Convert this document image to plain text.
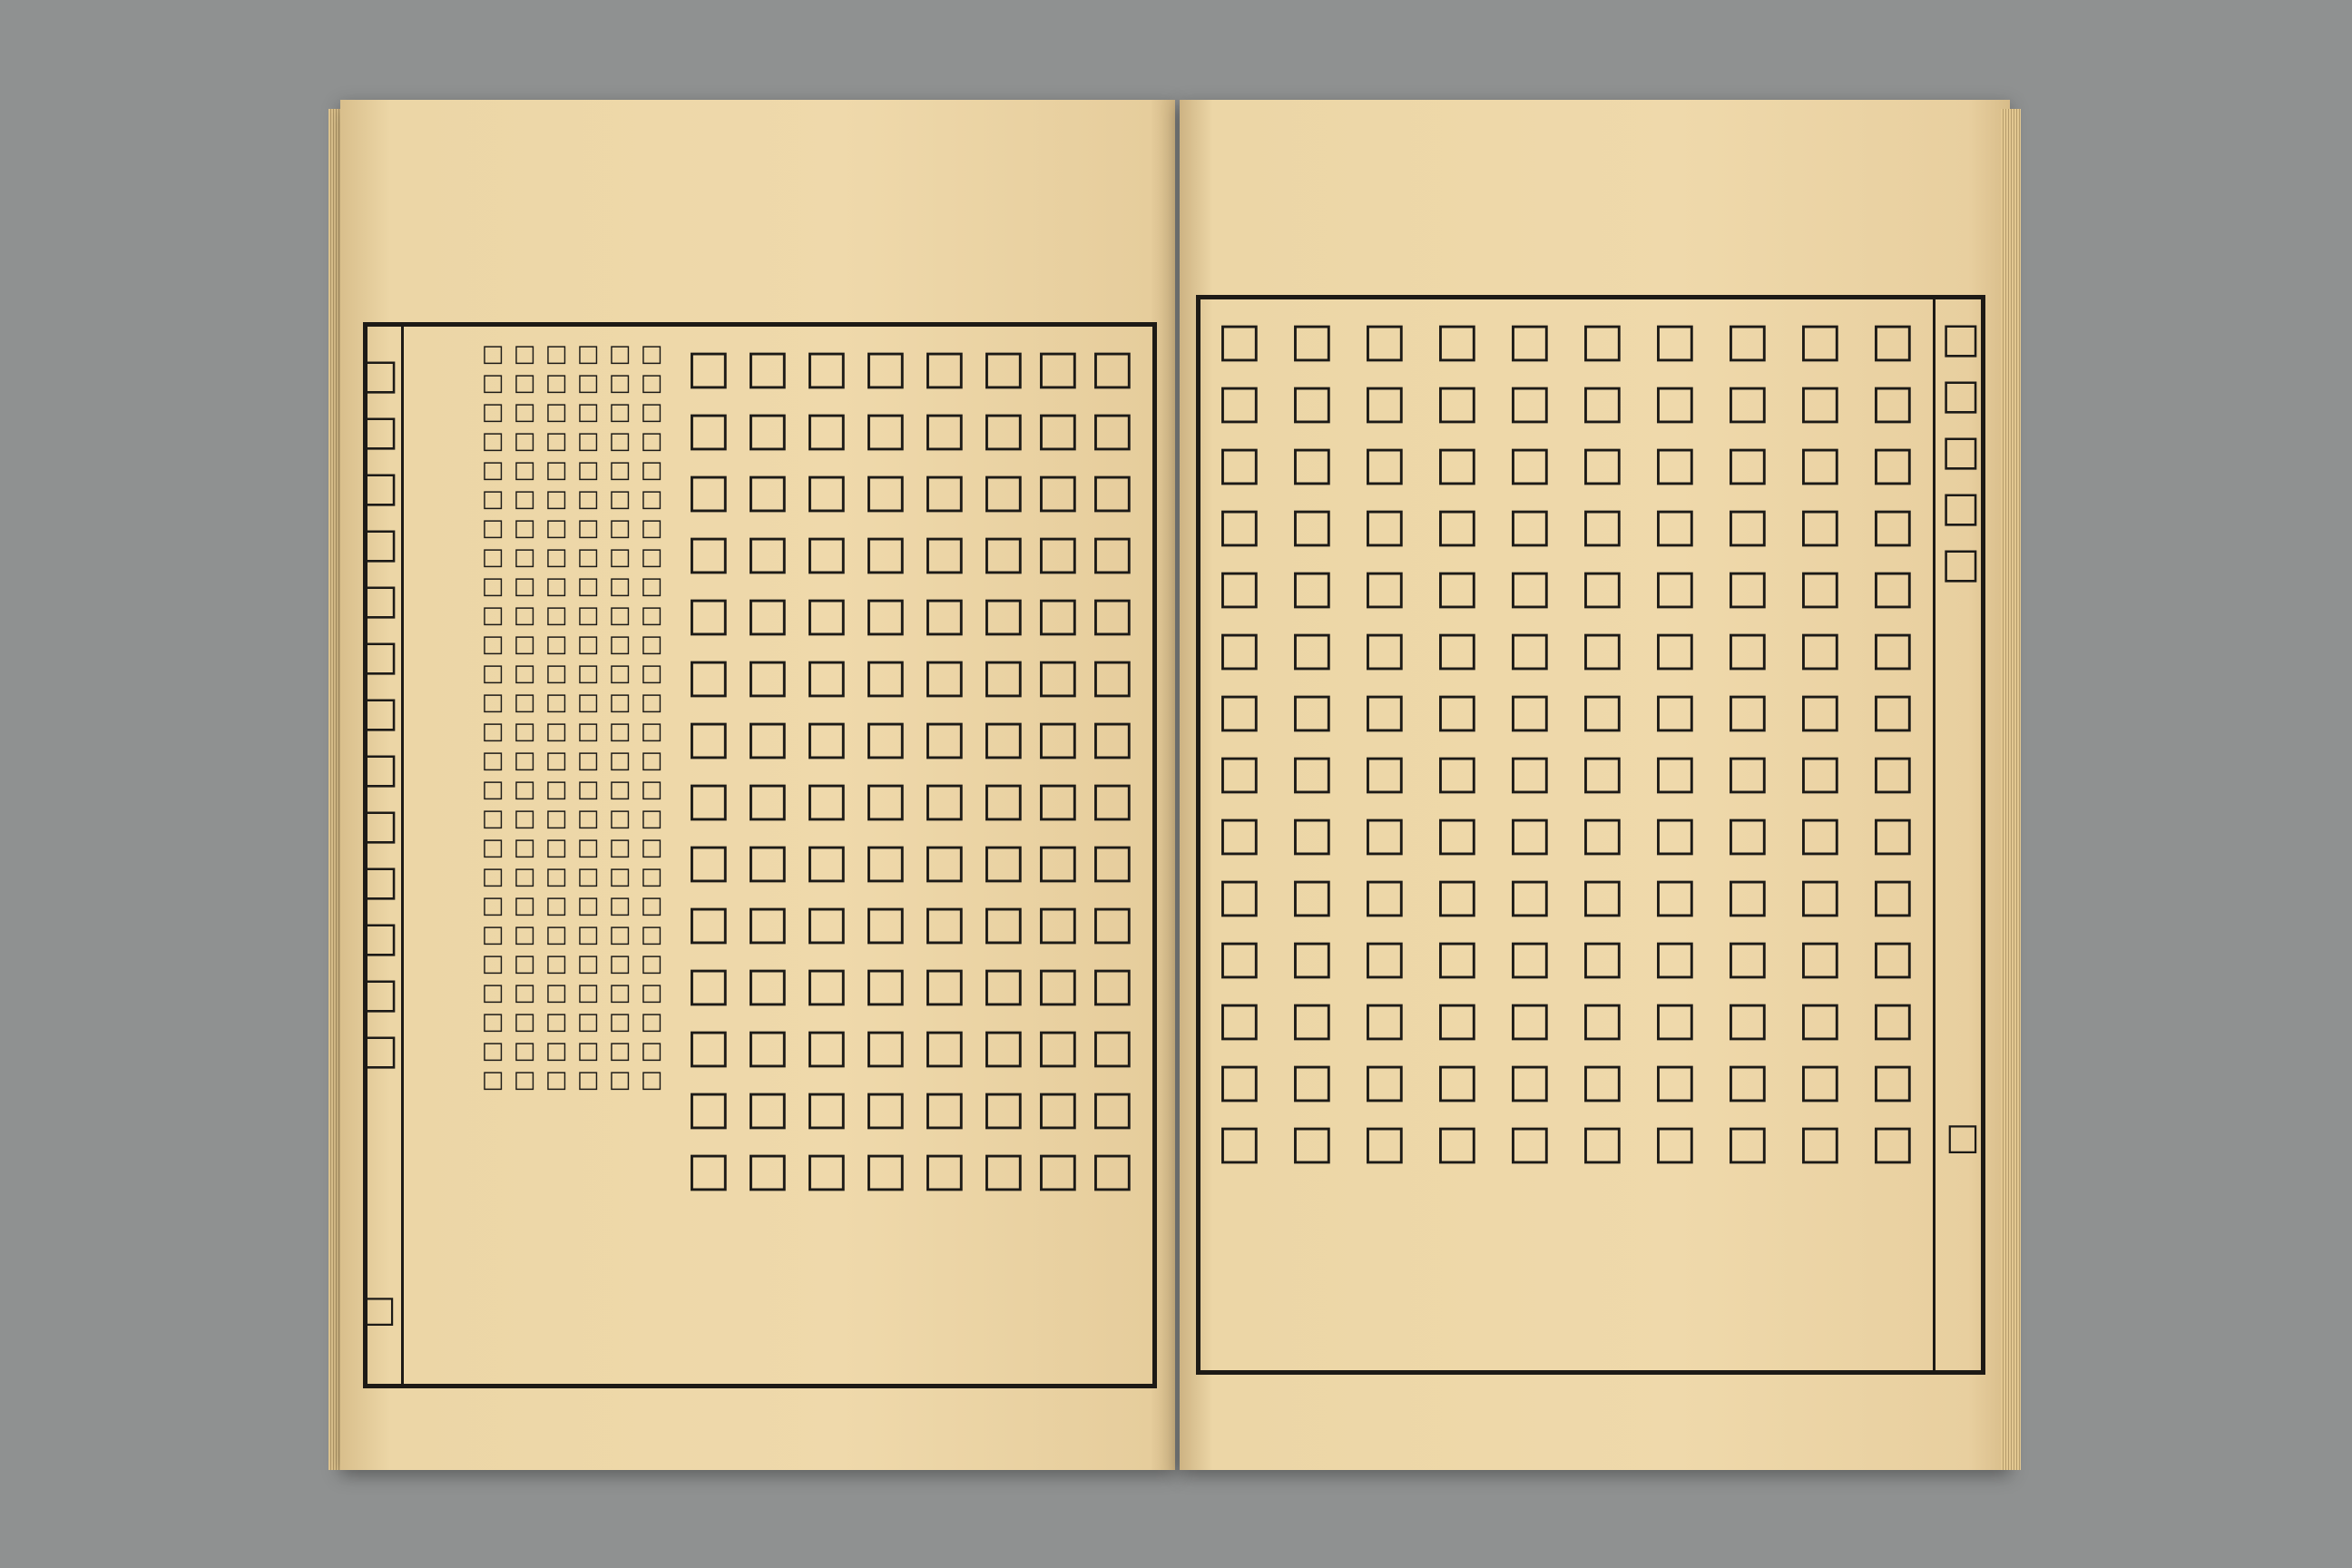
□□□□□□□□□□□□□
□
□□□□□□□□□□□□□□□□□□□□□□□□□□ □□□□□□□□□□□□□□□□□□□□□□□□□□ □□□□□□□□□□□□□□□□□□□□□□□□□□ □□□□□□□□□□□□□□□□□□□□□□□□□□ □□□□□□□□□□□□□□□□□□□□□□□□□□ □□□□□□□□□□□□□□□□□□□□□□□□□□ □□□□□□□□□□□□□□ □□□□□□□□□□□□□□ □□□□□□□□□□□□□□ □□□□□□□□□□□□□□ □□□□□□□□□□□□□□ □□□□□□□□□□□□□□ □□□□□□□□□□□□□□ □□□□□□□□□□□□□□	□□□□□
□
□□□□□□□□□□□□□□ □□□□□□□□□□□□□□ □□□□□□□□□□□□□□ □□□□□□□□□□□□□□ □□□□□□□□□□□□□□ □□□□□□□□□□□□□□ □□□□□□□□□□□□□□ □□□□□□□□□□□□□□ □□□□□□□□□□□□□□ □□□□□□□□□□□□□□
